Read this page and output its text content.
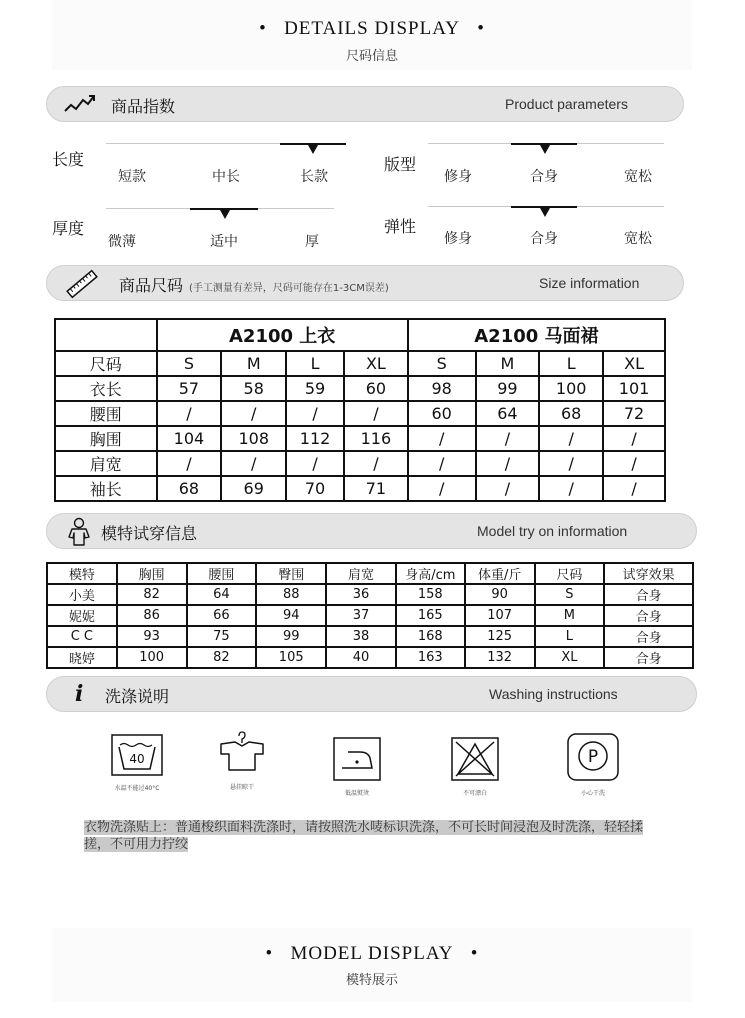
• DETAILS DISPLAY •
尺码信息
商品指数	Product parameters
长度
短款	中长	长款
版型
修身	合身	宽松
厚度
微薄	适中	厚
弹性
修身	合身	宽松
商品尺码 (手工测量有差异，尺码可能存在1-3CM误差)	Size information
	A2100 上衣				A2100 马面裙			
尺码	S	M	L	XL	S	M	L	XL
衣长	57	58	59	60	98	99	100	101
腰围	/	/	/	/	60	64	68	72
胸围	104	108	112	116	/	/	/	/
肩宽	/	/	/	/	/	/	/	/
袖长	68	69	70	71	/	/	/	/
模特试穿信息	Model try on information
模特	胸围	腰围	臀围	肩宽	身高/cm	体重/斤	尺码	试穿效果
小美	82	64	88	36	158	90	S	合身
妮妮	86	66	94	37	165	107	M	合身
C C	93	75	99	38	168	125	L	合身
晓婷	100	82	105	40	163	132	XL	合身
i 洗涤说明	Washing instructions
40
水温不能过40°C	悬挂晾干
低温熨烫	不可漂白
P
小心干洗
衣物洗涤贴上：普通梭织面料洗涤时，请按照洗水唛标识洗涤，不可长时间浸泡及时洗涤，轻轻揉搓，不可用力拧绞
• MODEL DISPLAY •
模特展示
